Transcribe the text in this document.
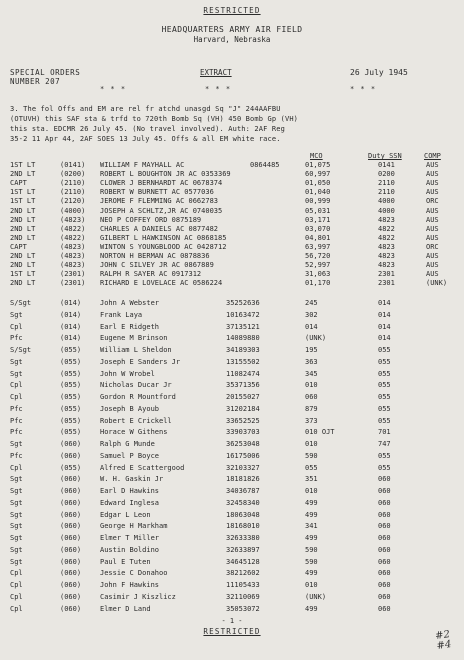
RESTRICTED
HEADQUARTERS ARMY AIR FIELD
Harvard, Nebraska
SPECIAL ORDERS
NUMBER 207
EXTRACT	26 July 1945
* * *	* * *	* * *
3. The fol Offs and EM are rel fr atchd unasgd Sq "J" 244AAFBU
(OTUVH) this SAF sta & trfd to 720th Bomb Sq (VH) 450 Bomb Gp (VH)
this sta. EDCMR 26 July 45. (No travel involved). Auth: 2AF Reg
35-2 11 Apr 44, 2AF SOES 13 July 45. Offs & all EM white race.
MCO	Duty SSN	COMP
1ST LT	(0141) WILLIAM F MAYHALL AC	0864485	01,075	0141	AUS
2ND LT	(0200) ROBERT L BOUGHTON JR AC 0353369	60,997	0200	AUS
CAPT	(2110) CLOWER J BERNHARDT AC 0678374	01,050	2110	AUS
1ST LT	(2110) ROBERT W BURNETT AC 0577036	01,040	2110	AUS
1ST LT	(2120) JEROME F FLEMMING AC 0662783	00,999	4000	ORC
2ND LT	(4000) JOSEPH A SCHLTZ,JR AC 0740035	05,031	4000	AUS
2ND LT	(4823) NEO P COFFEY ORD 0875189	03,171	4823	AUS
2ND LT	(4822) CHARLES A DANIELS AC 0877482	03,070	4822	AUS
2ND LT	(4822) GILBERT L HAWKINSON AC 0868185	04,801	4822	AUS
CAPT	(4823) WINTON S YOUNGBLOOD AC 0428712	63,997	4823	ORC
2ND LT	(4823) NORTON H BERMAN AC 0878836	56,720	4823	AUS
2ND LT	(4823) JOHN C SILVEY JR AC 0867889	52,997	4823	AUS
1ST LT	(2301) RALPH R SAYER AC 0917312	31,063	2301	AUS
2ND LT	(2301) RICHARD E LOVELACE AC 0586224	01,170	2301	(UNK)
S/Sgt	(014)	John A Webster	35252636	245	014
Sgt	(014)	Frank Laya	10163472	302	014
Cpl	(014)	Earl E Ridgeth	37135121	014	014
Pfc	(014)	Eugene M Brinson	14089880	(UNK)	014
S/Sgt	(055)	William L Sheldon	34189303	195	055
Sgt	(055)	Joseph E Sanders Jr	13155502	363	055
Sgt	(055)	John W Wrobel	11082474	345	055
Cpl	(055)	Nicholas Ducar Jr	35371356	010	055
Cpl	(055)	Gordon R Mountford	20155027	060	055
Pfc	(055)	Joseph B Ayoub	31202184	879	055
Pfc	(055)	Robert E Crickell	33652525	373	055
Pfc	(055)	Horace W Githens	33903703	010 OJT	701
Sgt	(060)	Ralph G Munde	36253048	010	747
Pfc	(060)	Samuel P Boyce	16175006	590	055
Cpl	(055)	Alfred E Scattergood	32103327	055	055
Sgt	(060)	W. H. Gaskin Jr	18181826	351	060
Sgt	(060)	Earl D Hawkins	34036787	010	060
Sgt	(060)	Edward Inglesa	32458340	499	060
Sgt	(060)	Edgar L Leon	18063048	499	060
Sgt	(060)	George H Markham	18168010	341	060
Sgt	(060)	Elmer T Miller	32633380	499	060
Sgt	(060)	Austin Boldino	32633897	590	060
Sgt	(060)	Paul E Tuten	34645128	590	060
Cpl	(060)	Jessie C Donahoo	38212602	499	060
Cpl	(060)	John F Hawkins	11105433	010	060
Cpl	(060)	Casimir J Kiszlicz	32110069	(UNK)	060
Cpl	(060)	Elmer D Land	35053072	499	060
- 1 -
RESTRICTED	#2
#4
